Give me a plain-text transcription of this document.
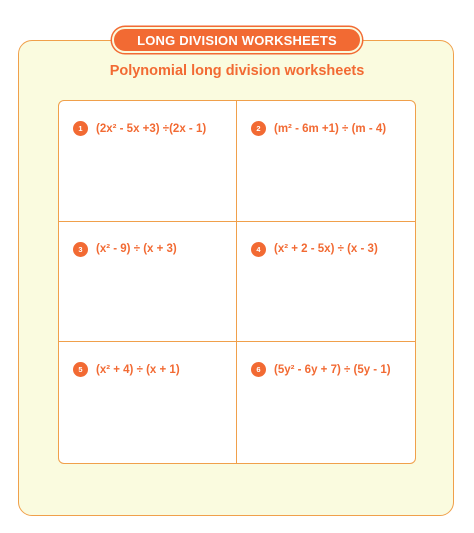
LONG DIVISION WORKSHEETS
Polynomial long division worksheets
1	(2x² - 5x +3) ÷(2x - 1)	2	(m² - 6m +1) ÷ (m - 4)
3	(x² - 9) ÷ (x + 3)	4	(x² + 2 - 5x) ÷ (x - 3)
5	(x² + 4) ÷ (x + 1)	6	(5y² - 6y + 7) ÷ (5y - 1)
